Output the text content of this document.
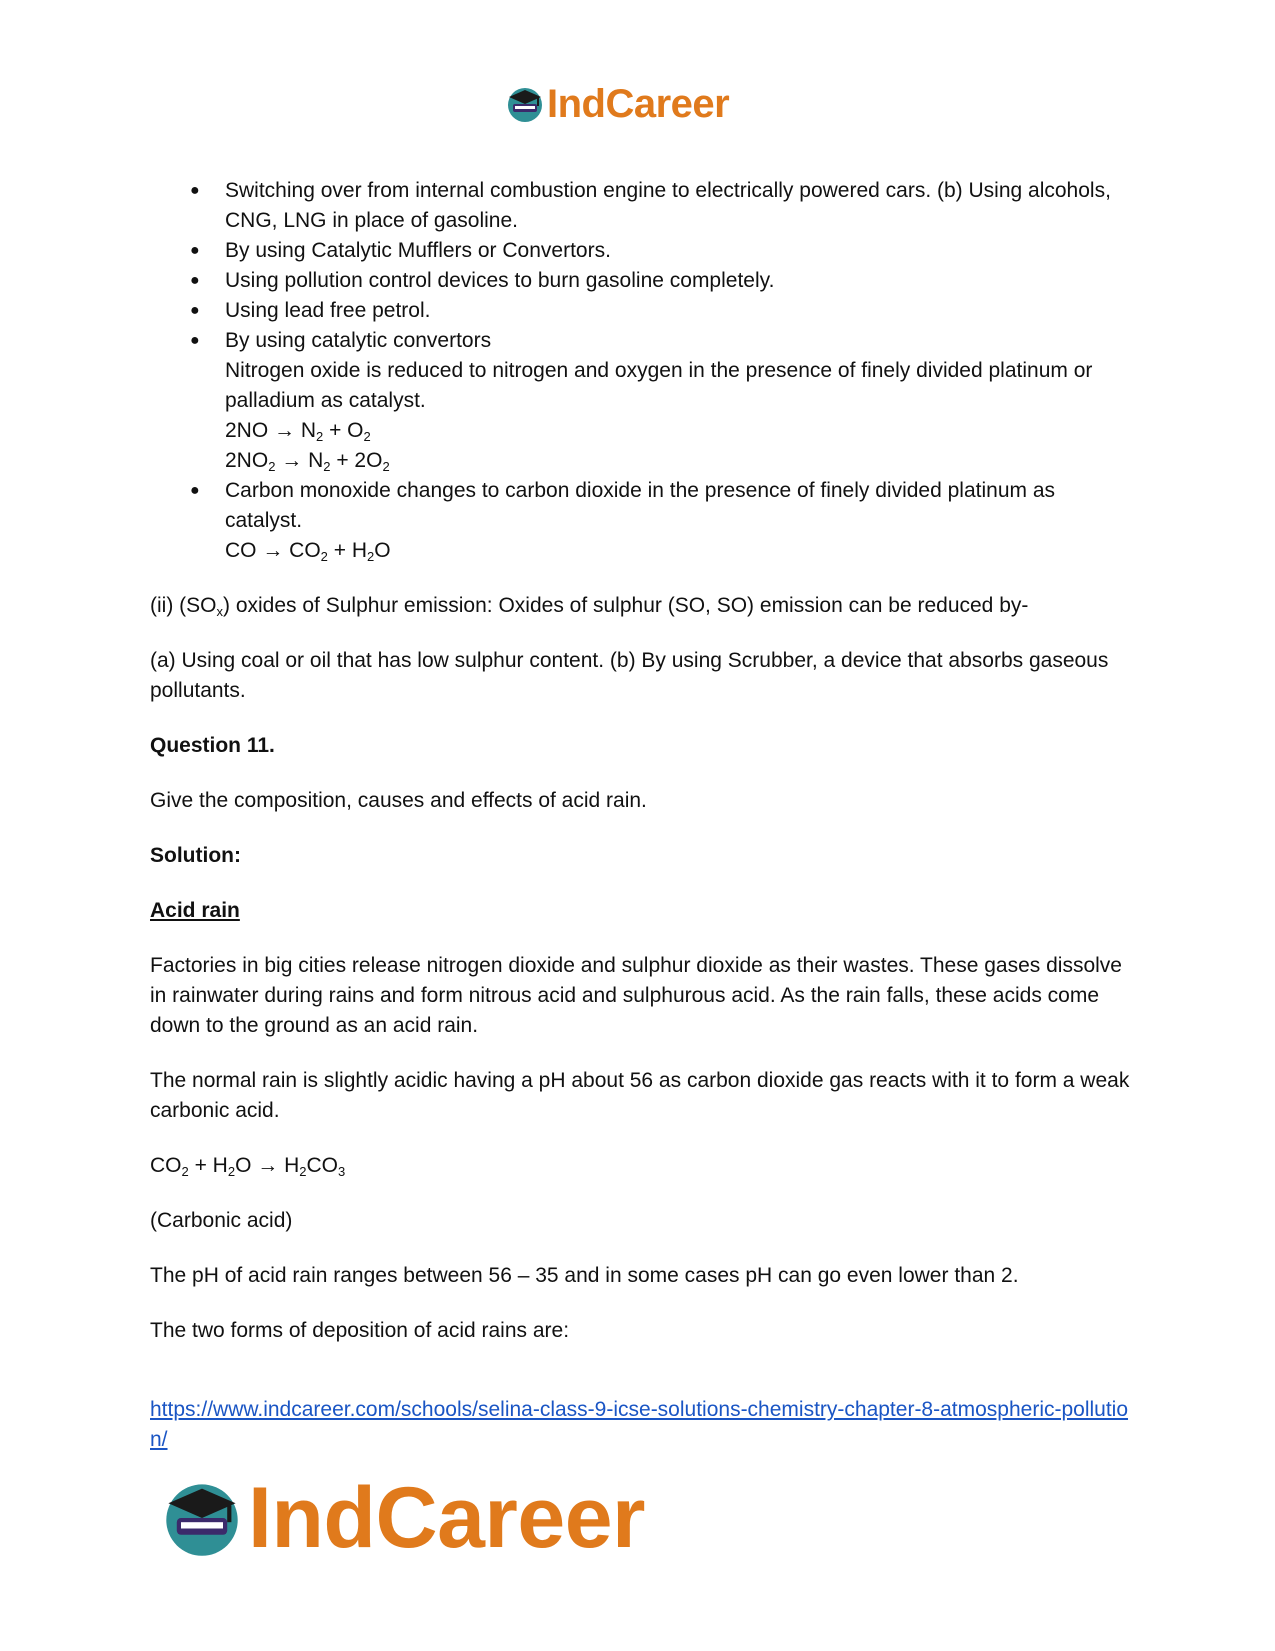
IndCareer
● Switching over from internal combustion engine to electrically powered cars. (b) Using alcohols, CNG, LNG in place of gasoline.
● By using Catalytic Mufflers or Convertors.
● Using pollution control devices to burn gasoline completely.
● Using lead free petrol.
● By using catalytic convertors
Nitrogen oxide is reduced to nitrogen and oxygen in the presence of finely divided platinum or palladium as catalyst.
$2NO \to N_2 + O_2$
$2NO_2 \to N_2 + 2O_2$
● Carbon monoxide changes to carbon dioxide in the presence of finely divided platinum as catalyst.
CO → $CO_2 + H_2O$

(ii) $(SO_x)$ oxides of Sulphur emission: Oxides of sulphur (SO, SO) emission can be reduced by-

(a) Using coal or oil that has low sulphur content. (b) By using Scrubber, a device that absorbs gaseous pollutants.

Question 11.

Give the composition, causes and effects of acid rain.

Solution:

Acid rain

Factories in big cities release nitrogen dioxide and sulphur dioxide as their wastes. These gases dissolve in rainwater during rains and form nitrous acid and sulphurous acid. As the rain falls, these acids come down to the ground as an acid rain.

The normal rain is slightly acidic having a pH about 56 as carbon dioxide gas reacts with it to form a weak carbonic acid.

$CO_2 + H_2O \to H_2CO_3$

(Carbonic acid)

The pH of acid rain ranges between 56 – 35 and in some cases pH can go even lower than 2.

The two forms of deposition of acid rains are:

https://www.indcareer.com/schools/selina-class-9-icse-solutions-chemistry-chapter-8-atmospheric-pollution/
IndCareer
